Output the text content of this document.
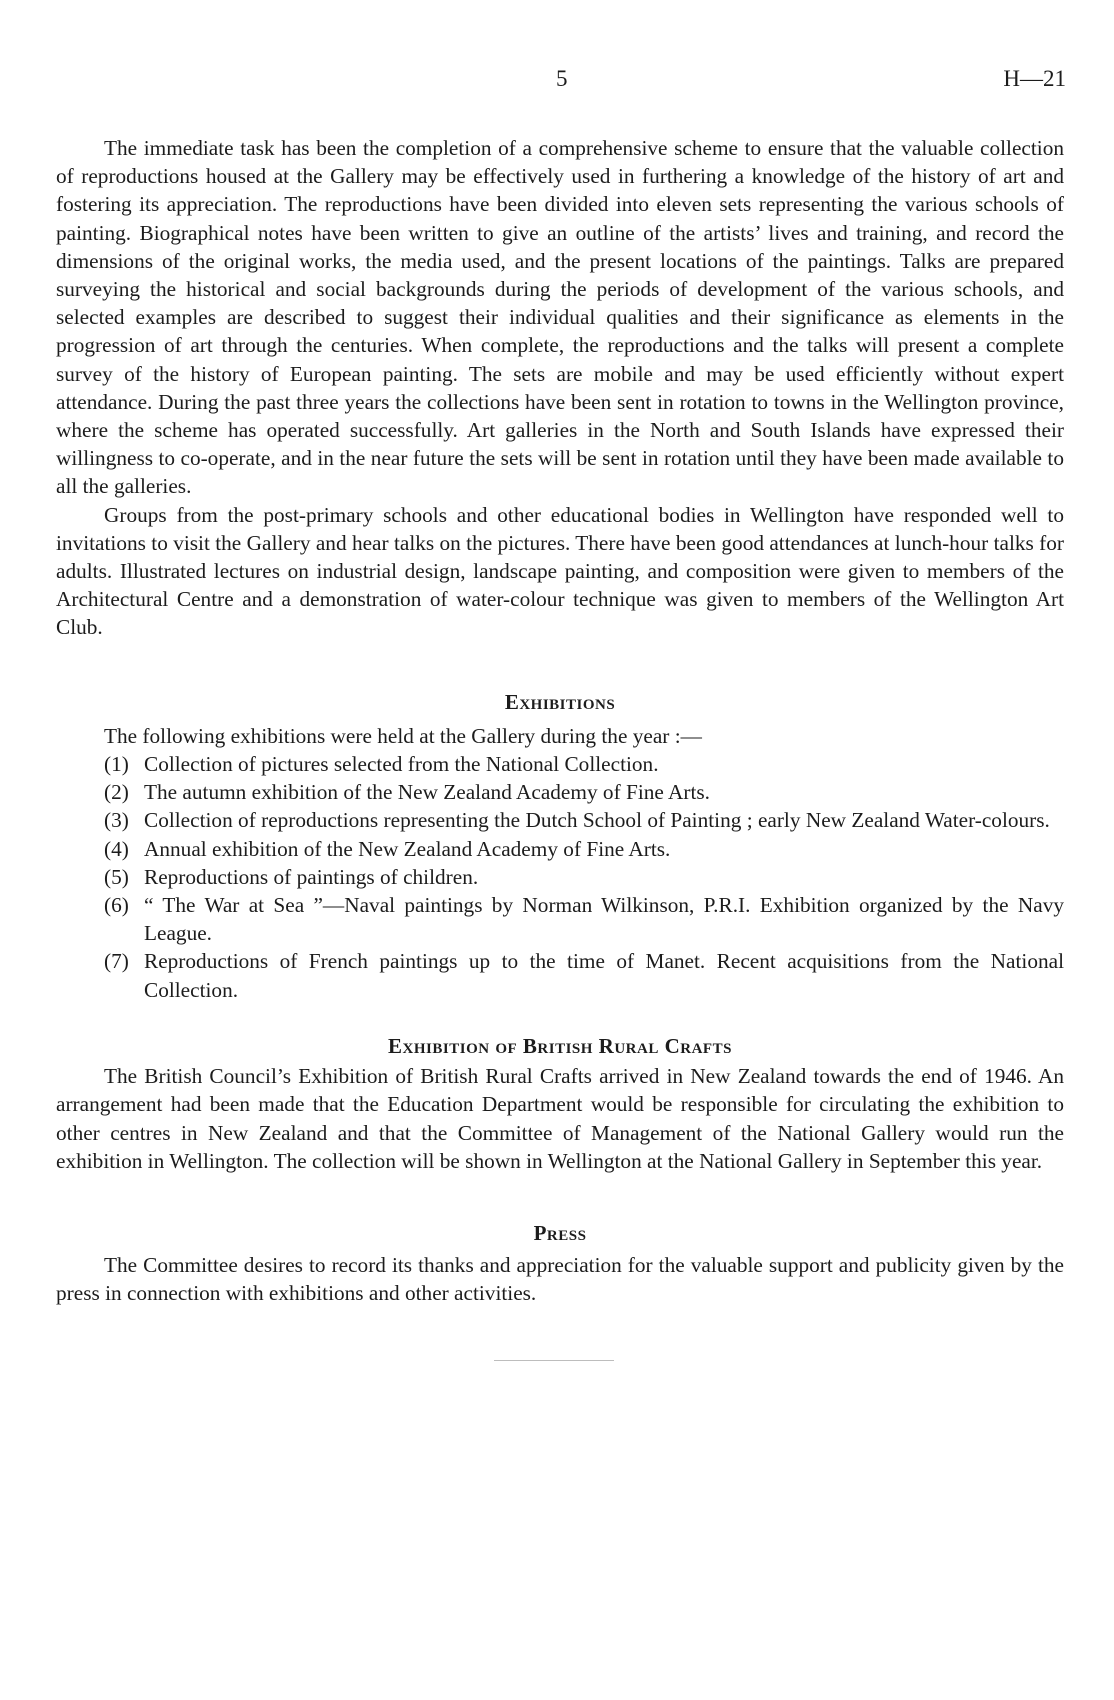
5	H—21

The immediate task has been the completion of a comprehensive scheme to ensure that the valuable collection of reproductions housed at the Gallery may be effectively used in furthering a knowledge of the history of art and fostering its appreciation. The reproductions have been divided into eleven sets representing the various schools of painting. Biographical notes have been written to give an outline of the artists’ lives and training, and record the dimensions of the original works, the media used, and the present locations of the paintings. Talks are prepared surveying the historical and social backgrounds during the periods of development of the various schools, and selected examples are described to suggest their individual qualities and their significance as elements in the progression of art through the centuries. When complete, the reproductions and the talks will present a complete survey of the history of European painting. The sets are mobile and may be used efficiently without expert attendance. During the past three years the collections have been sent in rotation to towns in the Wellington province, where the scheme has operated successfully. Art galleries in the North and South Islands have expressed their willingness to co-operate, and in the near future the sets will be sent in rotation until they have been made available to all the galleries.

Groups from the post-primary schools and other educational bodies in Wellington have responded well to invitations to visit the Gallery and hear talks on the pictures. There have been good attendances at lunch-hour talks for adults. Illustrated lectures on industrial design, landscape painting, and composition were given to members of the Architectural Centre and a demonstration of water-colour technique was given to members of the Wellington Art Club.

Exhibitions

The following exhibitions were held at the Gallery during the year :—

(1) Collection of pictures selected from the National Collection.
(2) The autumn exhibition of the New Zealand Academy of Fine Arts.
(3) Collection of reproductions representing the Dutch School of Painting ; early New Zealand Water-colours.
(4) Annual exhibition of the New Zealand Academy of Fine Arts.
(5) Reproductions of paintings of children.
(6) “ The War at Sea ”—Naval paintings by Norman Wilkinson, P.R.I. Exhibition organized by the Navy League.
(7) Reproductions of French paintings up to the time of Manet. Recent acquisitions from the National Collection.
Exhibition of British Rural Crafts

The British Council’s Exhibition of British Rural Crafts arrived in New Zealand towards the end of 1946. An arrangement had been made that the Education Department would be responsible for circulating the exhibition to other centres in New Zealand and that the Committee of Management of the National Gallery would run the exhibition in Wellington. The collection will be shown in Wellington at the National Gallery in September this year.

Press

The Committee desires to record its thanks and appreciation for the valuable support and publicity given by the press in connection with exhibitions and other activities.
